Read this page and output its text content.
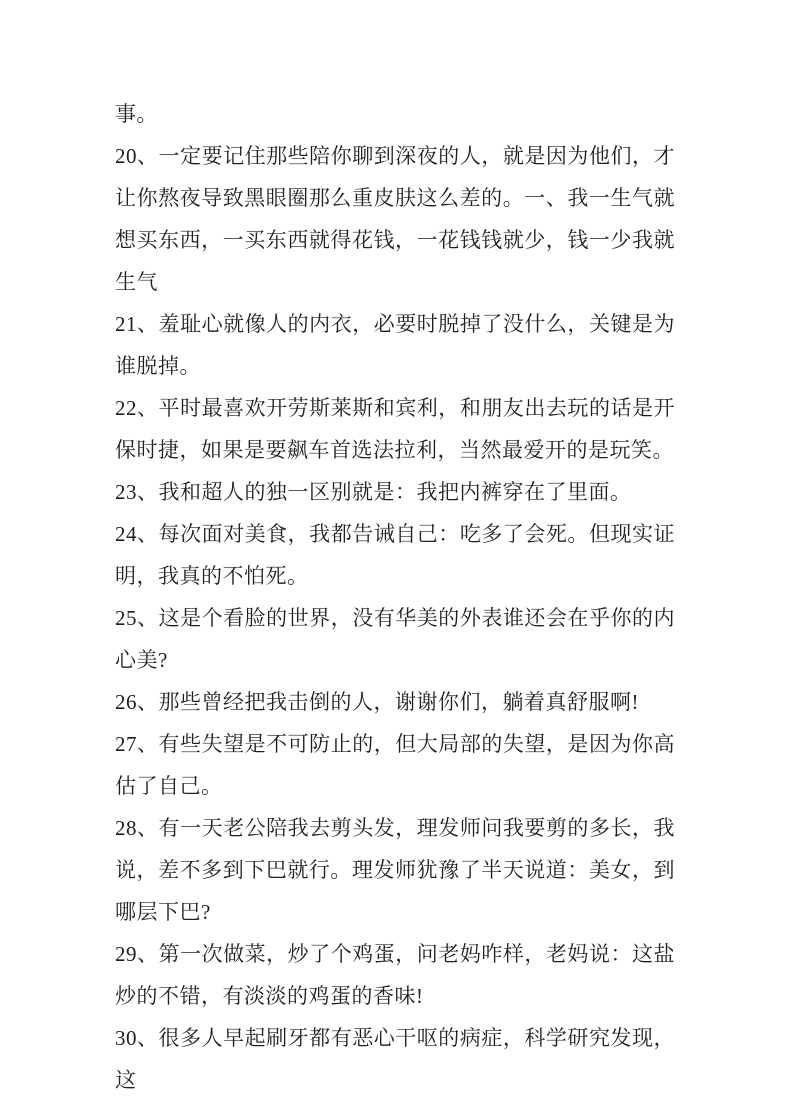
事。

20、一定要记住那些陪你聊到深夜的人，就是因为他们，才让你熬夜导致黑眼圈那么重皮肤这么差的。一、我一生气就想买东西，一买东西就得花钱，一花钱钱就少，钱一少我就生气

21、羞耻心就像人的内衣，必要时脱掉了没什么，关键是为谁脱掉。

22、平时最喜欢开劳斯莱斯和宾利，和朋友出去玩的话是开保时捷，如果是要飙车首选法拉利，当然最爱开的是玩笑。

23、我和超人的独一区别就是：我把内裤穿在了里面。

24、每次面对美食，我都告诫自己：吃多了会死。但现实证明，我真的不怕死。

25、这是个看脸的世界，没有华美的外表谁还会在乎你的内心美?

26、那些曾经把我击倒的人，谢谢你们，躺着真舒服啊!

27、有些失望是不可防止的，但大局部的失望，是因为你高估了自己。

28、有一天老公陪我去剪头发，理发师问我要剪的多长，我说，差不多到下巴就行。理发师犹豫了半天说道：美女，到哪层下巴?

29、第一次做菜，炒了个鸡蛋，问老妈咋样，老妈说：这盐炒的不错，有淡淡的鸡蛋的香味!

30、很多人早起刷牙都有恶心干呕的病症，科学研究发现，这
